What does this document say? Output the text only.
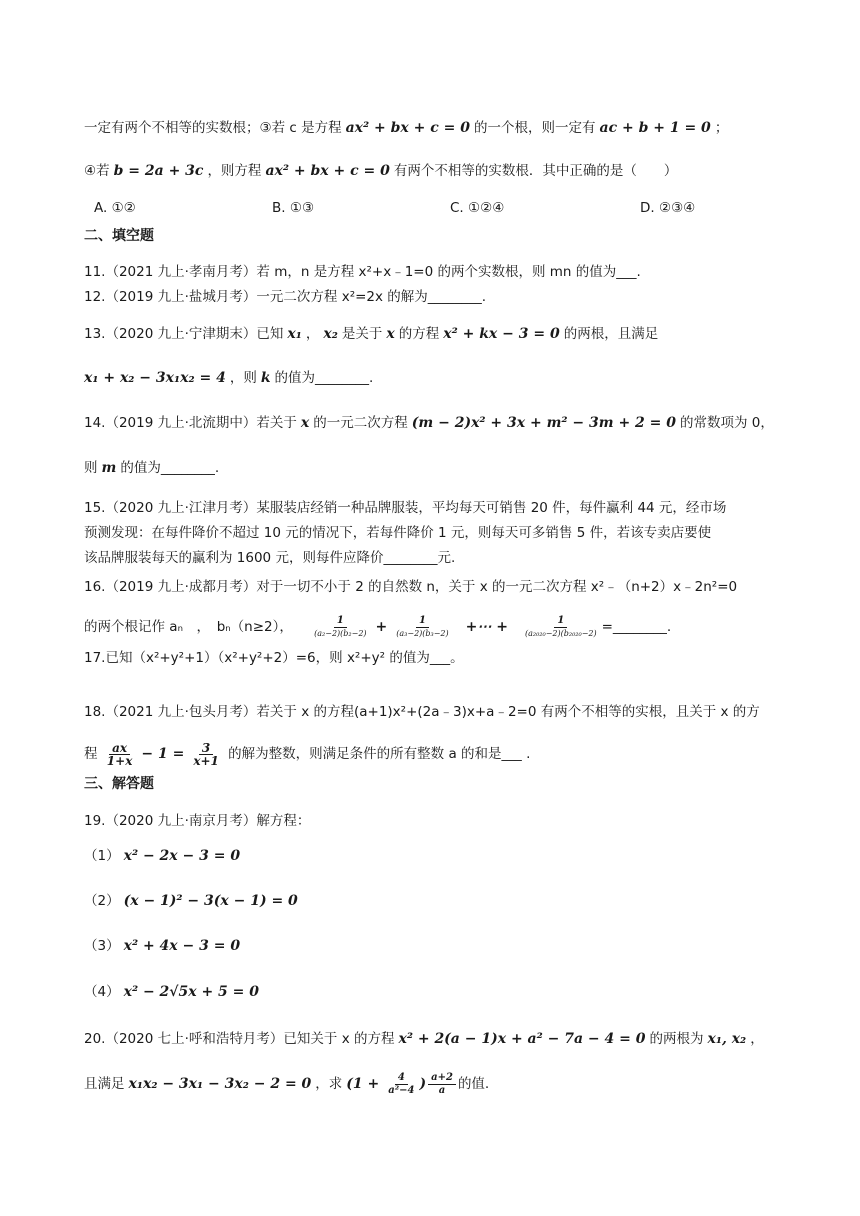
一定有两个不相等的实数根；③若 c 是方程 ax² + bx + c = 0 的一个根，则一定有 ac + b + 1 = 0 ；
④若 b = 2a + 3c ，则方程 ax² + bx + c = 0 有两个不相等的实数根．其中正确的是（　　）
A. ①②	B. ①③	C. ①②④	D. ②③④
二、填空题
11.（2021 九上·孝南月考）若 m，n 是方程 x²+x﹣1=0 的两个实数根，则 mn 的值为___.
12.（2019 九上·盐城月考）一元二次方程 x²=2x 的解为________.
13.（2020 九上·宁津期末）已知 x₁ ， x₂ 是关于 x 的方程 x² + kx − 3 = 0 的两根，且满足
x₁ + x₂ − 3x₁x₂ = 4 ，则 k 的值为________.
14.（2019 九上·北流期中）若关于 x 的一元二次方程 (m − 2)x² + 3x + m² − 3m + 2 = 0 的常数项为 0，
则 m 的值为________.
15.（2020 九上·江津月考）某服装店经销一种品牌服装，平均每天可销售 20 件，每件赢利 44 元，经市场
预测发现：在每件降价不超过 10 元的情况下，若每件降价 1 元，则每天可多销售 5 件，若该专卖店要使
该品牌服装每天的赢利为 1600 元，则每件应降价________元.
16.（2019 九上·成都月考）对于一切不小于 2 的自然数 n，关于 x 的一元二次方程 x²﹣（n+2）x﹣2n²=0
的两个根记作 aₙ　，　bₙ（n≥2）， $\frac{1}{\text{(a₂−2)(b₂−2)}} + \frac{1}{\text{(a₃−2)(b₃−2)}}$ +⋯ + $\frac{1}{\text{(a₂₀₂₀−2)(b₂₀₂₀−2)}}$ =________.
17.已知（x²+y²+1）（x²+y²+2）=6，则 x²+y² 的值为___。
18.（2021 九上·包头月考）若关于 x 的方程(a+1)x²+(2a﹣3)x+a﹣2=0 有两个不相等的实根，且关于 x 的方
程 $\frac{ax}{1+x} - 1 = \frac{3}{x+1}$ 的解为整数，则满足条件的所有整数 a 的和是___ .
三、解答题
19.（2020 九上·南京月考）解方程：
（1） x² − 2x − 3 = 0
（2） (x − 1)² − 3(x − 1) = 0
（3） x² + 4x − 3 = 0
（4） x² − 2√5x + 5 = 0
20.（2020 七上·呼和浩特月考）已知关于 x 的方程 x² + 2(a − 1)x + a² − 7a − 4 = 0 的两根为 x₁, x₂ ，
且满足 x₁x₂ − 3x₁ − 3x₂ − 2 = 0 ，求 ($1 + \frac{4}{\text{a²−4}}$ ) $\frac{a+2}{a}$ 的值.
